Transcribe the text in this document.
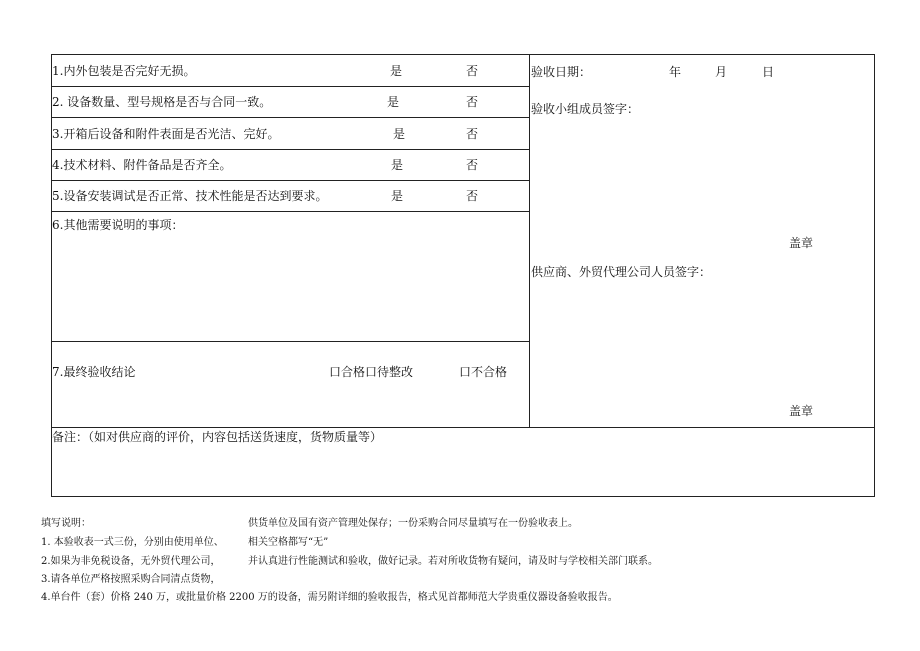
1.内外包装是否完好无损。	是	否
2. 设备数量、型号规格是否与合同一致。	是	否
3.开箱后设备和附件表面是否光洁、完好。	是	否
4.技术材料、附件备品是否齐全。	是	否
5.设备安装调试是否正常、技术性能是否达到要求。	是	否
6.其他需要说明的事项：
7.最终验收结论	口合格口待整改	口不合格
验收日期：	年	月	日
验收小组成员签字：
盖章
供应商、外贸代理公司人员签字：
盖章
备注：（如对供应商的评价，内容包括送货速度，货物质量等）
填写说明：
1. 本验收表一式三份，分别由使用单位、
供货单位及国有资产管理处保存；一份采购合同尽量填写在一份验收表上。
2.如果为非免税设备，无外贸代理公司，
相关空格都写“无”
3.请各单位严格按照采购合同清点货物，
并认真进行性能测试和验收，做好记录。若对所收货物有疑问，请及时与学校相关部门联系。
4.单台件（套）价格 240 万，或批量价格 2200 万的设备，需另附详细的验收报告，格式见首都师范大学贵重仪器设备验收报告。
